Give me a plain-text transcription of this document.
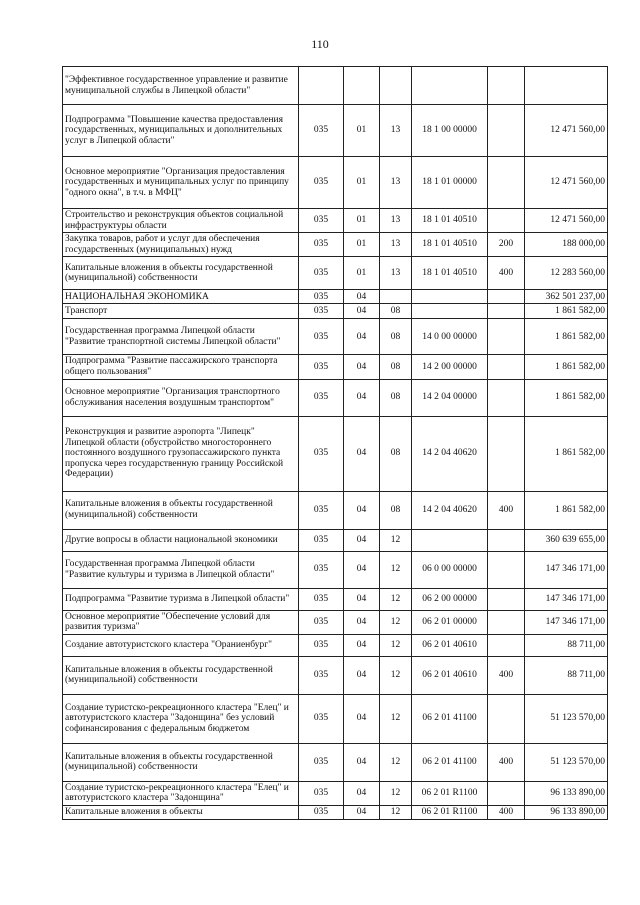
110
"Эффективное государственное управление и развитие муниципальной службы в Липецкой области"						
Подпрограмма "Повышение качества предоставления государственных, муниципальных и дополнительных услуг в Липецкой области"	035	01	13	18 1 00 00000		12 471 560,00
Основное мероприятие "Организация предоставления государственных и муниципальных услуг по принципу "одного окна", в т.ч. в МФЦ"	035	01	13	18 1 01 00000		12 471 560,00
Строительство и реконструкция объектов социальной инфраструктуры области	035	01	13	18 1 01 40510		12 471 560,00
Закупка товаров, работ и услуг для обеспечения государственных (муниципальных) нужд	035	01	13	18 1 01 40510	200	188 000,00
Капитальные вложения в объекты государственной (муниципальной) собственности	035	01	13	18 1 01 40510	400	12 283 560,00
НАЦИОНАЛЬНАЯ ЭКОНОМИКА	035	04				362 501 237,00
Транспорт	035	04	08			1 861 582,00
Государственная программа Липецкой области "Развитие транспортной системы Липецкой области"	035	04	08	14 0 00 00000		1 861 582,00
Подпрограмма "Развитие пассажирского транспорта общего пользования"	035	04	08	14 2 00 00000		1 861 582,00
Основное мероприятие "Организация транспортного обслуживания населения воздушным транспортом"	035	04	08	14 2 04 00000		1 861 582,00
Реконструкция и развитие аэропорта "Липецк" Липецкой области (обустройство многостороннего постоянного воздушного грузопассажирского пункта пропуска через государственную границу Российской Федерации)	035	04	08	14 2 04 40620		1 861 582,00
Капитальные вложения в объекты государственной (муниципальной) собственности	035	04	08	14 2 04 40620	400	1 861 582,00
Другие вопросы в области национальной экономики	035	04	12			360 639 655,00
Государственная программа Липецкой области "Развитие культуры и туризма в Липецкой области"	035	04	12	06 0 00 00000		147 346 171,00
Подпрограмма "Развитие туризма в Липецкой области"	035	04	12	06 2 00 00000		147 346 171,00
Основное мероприятие "Обеспечение условий для развития туризма"	035	04	12	06 2 01 00000		147 346 171,00
Создание автотуристского кластера "Ораниенбург"	035	04	12	06 2 01 40610		88 711,00
Капитальные вложения в объекты государственной (муниципальной) собственности	035	04	12	06 2 01 40610	400	88 711,00
Создание туристско-рекреационного кластера "Елец" и автотуристского кластера "Задонщина" без условий софинансирования с федеральным бюджетом	035	04	12	06 2 01 41100		51 123 570,00
Капитальные вложения в объекты государственной (муниципальной) собственности	035	04	12	06 2 01 41100	400	51 123 570,00
Создание туристско-рекреационного кластера "Елец" и автотуристского кластера "Задонщина"	035	04	12	06 2 01 R1100		96 133 890,00
Капитальные вложения в объекты	035	04	12	06 2 01 R1100	400	96 133 890,00
